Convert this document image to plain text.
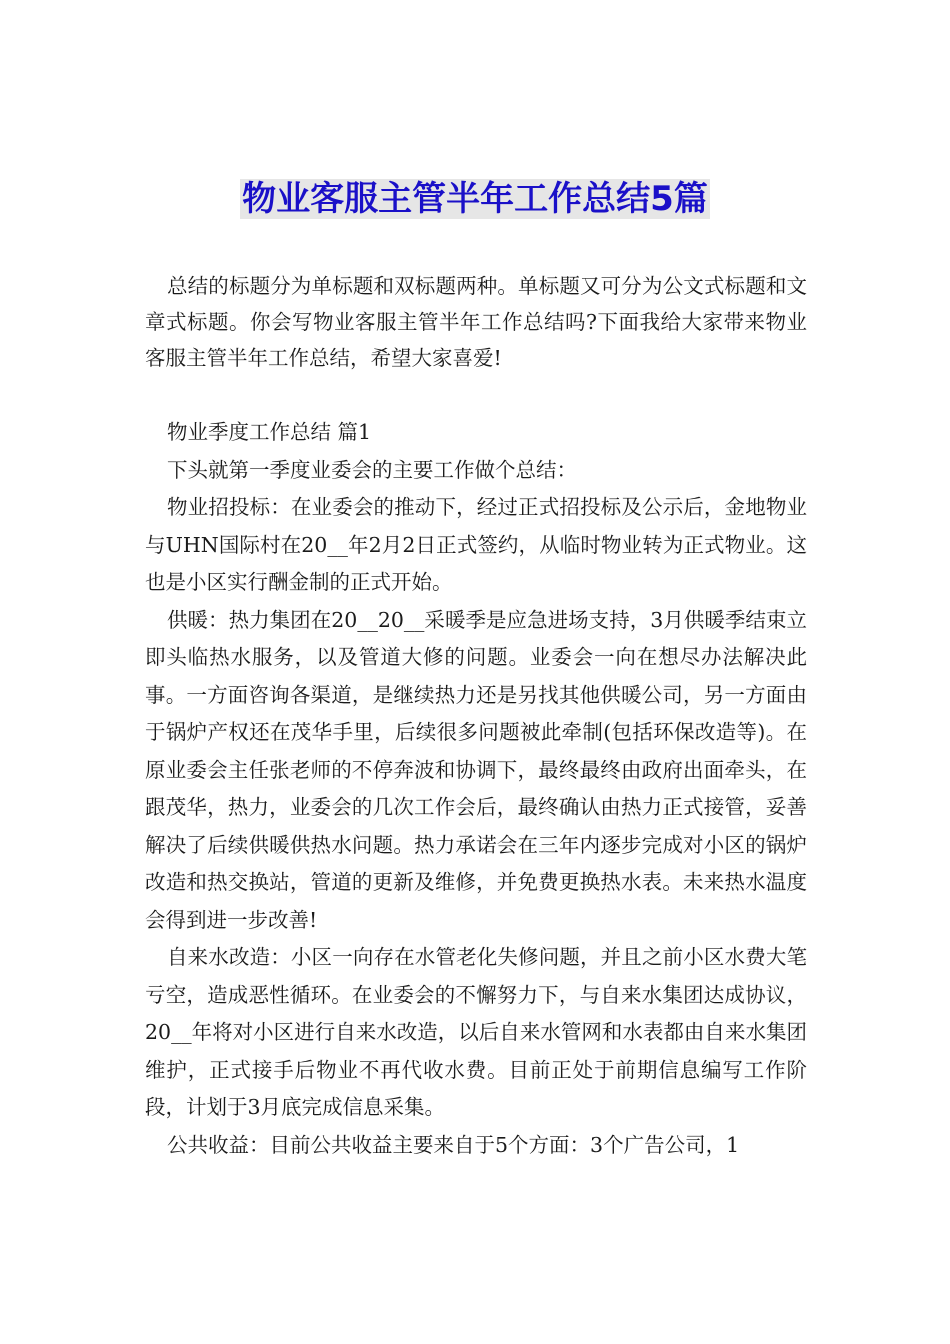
物业客服主管半年工作总结5篇

总结的标题分为单标题和双标题两种。单标题又可分为公文式标题和文章式标题。你会写物业客服主管半年工作总结吗?下面我给大家带来物业客服主管半年工作总结，希望大家喜爱!

物业季度工作总结 篇1

下头就第一季度业委会的主要工作做个总结：

物业招投标：在业委会的推动下，经过正式招投标及公示后，金地物业与UHN国际村在20__年2月2日正式签约，从临时物业转为正式物业。这也是小区实行酬金制的正式开始。

供暖：热力集团在20__20__采暖季是应急进场支持，3月供暖季结束立即头临热水服务，以及管道大修的问题。业委会一向在想尽办法解决此事。一方面咨询各渠道，是继续热力还是另找其他供暖公司，另一方面由于锅炉产权还在茂华手里，后续很多问题被此牵制(包括环保改造等)。在原业委会主任张老师的不停奔波和协调下，最终最终由政府出面牵头，在跟茂华，热力，业委会的几次工作会后，最终确认由热力正式接管，妥善解决了后续供暖供热水问题。热力承诺会在三年内逐步完成对小区的锅炉改造和热交换站，管道的更新及维修，并免费更换热水表。未来热水温度会得到进一步改善!

自来水改造：小区一向存在水管老化失修问题，并且之前小区水费大笔亏空，造成恶性循环。在业委会的不懈努力下，与自来水集团达成协议，20__年将对小区进行自来水改造，以后自来水管网和水表都由自来水集团维护，正式接手后物业不再代收水费。目前正处于前期信息编写工作阶段，计划于3月底完成信息采集。

公共收益：目前公共收益主要来自于5个方面：3个广告公司，1
